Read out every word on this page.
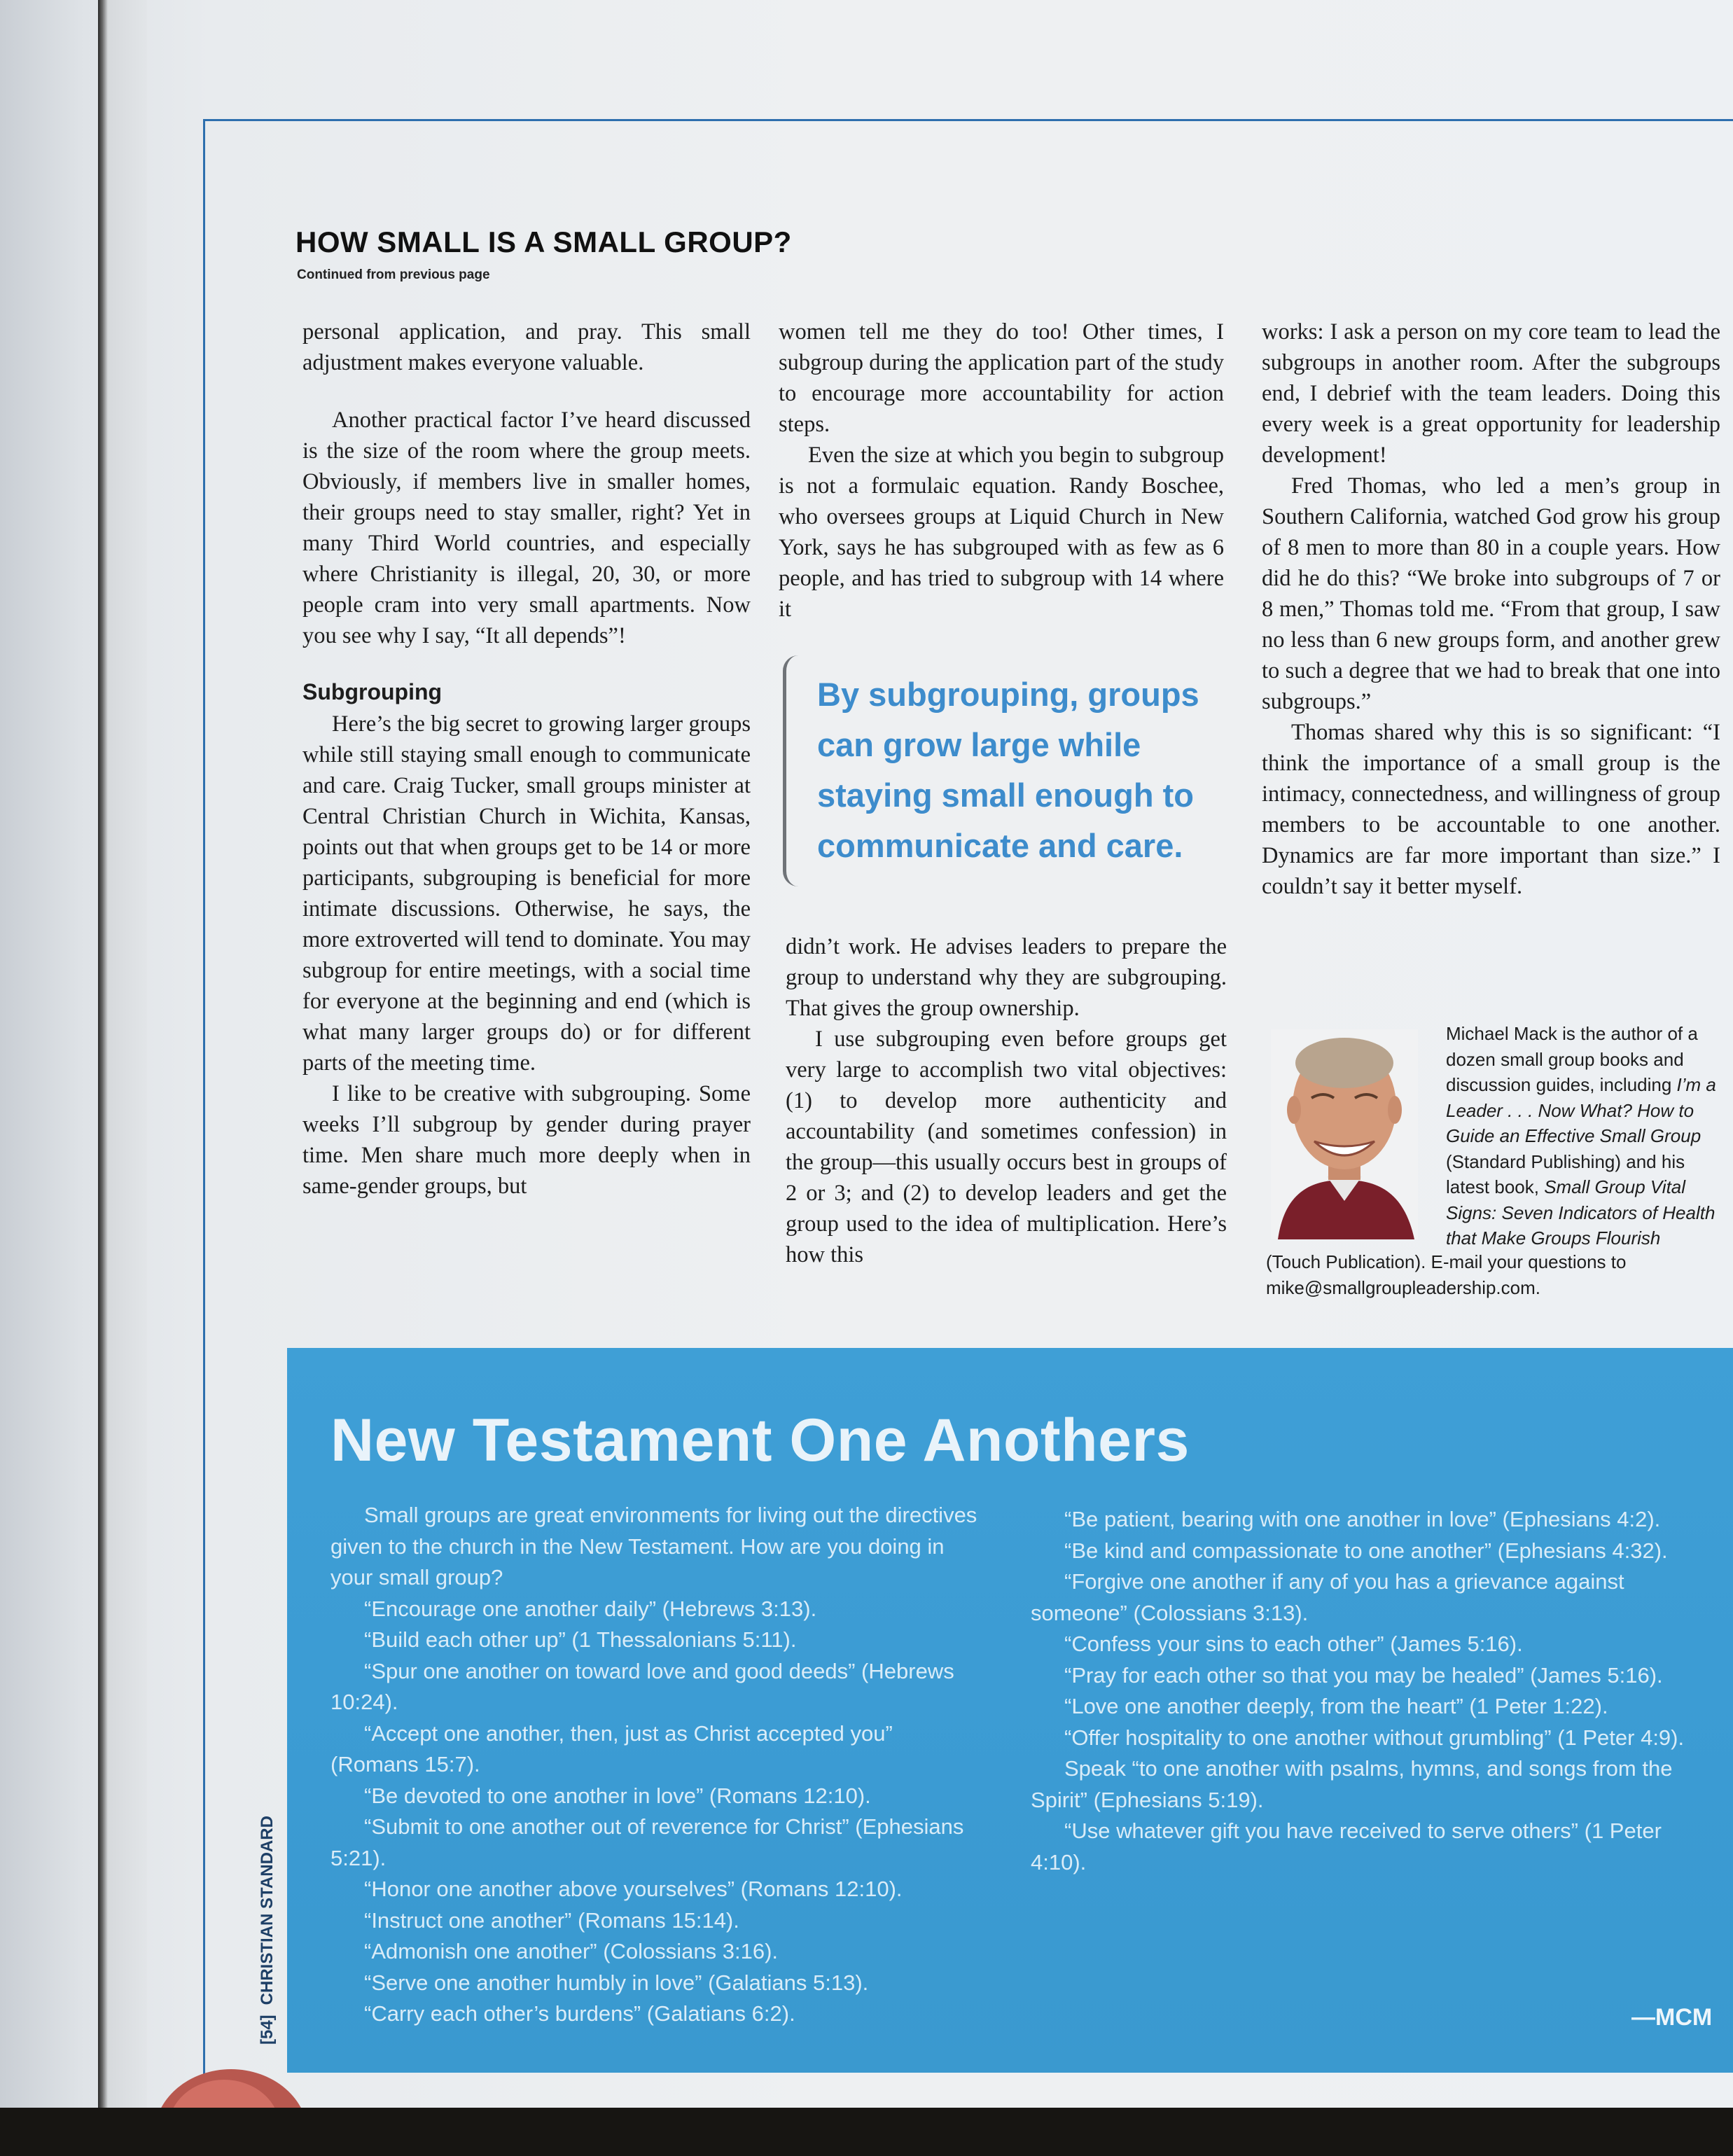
HOW SMALL IS A SMALL GROUP?
Continued from previous page

personal application, and pray. This small adjustment makes everyone valuable.

Another practical factor I’ve heard discussed is the size of the room where the group meets. Obviously, if members live in smaller homes, their groups need to stay smaller, right? Yet in many Third World countries, and especially where Christianity is illegal, 20, 30, or more people cram into very small apartments. Now you see why I say, “It all depends”!

Subgrouping

Here’s the big secret to growing larger groups while still staying small enough to communicate and care. Craig Tucker, small groups minister at Central Christian Church in Wichita, Kansas, points out that when groups get to be 14 or more participants, subgrouping is beneficial for more intimate discussions. Otherwise, he says, the more extroverted will tend to dominate. You may subgroup for entire meetings, with a social time for everyone at the beginning and end (which is what many larger groups do) or for different parts of the meeting time.

I like to be creative with subgrouping. Some weeks I’ll subgroup by gender during prayer time. Men share much more deeply when in same-gender groups, but

women tell me they do too! Other times, I subgroup during the application part of the study to encourage more accountability for action steps.

Even the size at which you begin to subgroup is not a formulaic equation. Randy Boschee, who oversees groups at Liquid Church in New York, says he has subgrouped with as few as 6 people, and has tried to subgroup with 14 where it

By subgrouping, groups can grow large while staying small enough to communicate and care.

didn’t work. He advises leaders to prepare the group to understand why they are subgrouping. That gives the group ownership.

I use subgrouping even before groups get very large to accomplish two vital objectives: (1) to develop more authenticity and accountability (and sometimes confession) in the group—this usually occurs best in groups of 2 or 3; and (2) to develop leaders and get the group used to the idea of multiplication. Here’s how this

works: I ask a person on my core team to lead the subgroups in another room. After the subgroups end, I debrief with the team leaders. Doing this every week is a great opportunity for leadership development!

Fred Thomas, who led a men’s group in Southern California, watched God grow his group of 8 men to more than 80 in a couple years. How did he do this? “We broke into subgroups of 7 or 8 men,” Thomas told me. “From that group, I saw no less than 6 new groups form, and another grew to such a degree that we had to break that one into subgroups.”

Thomas shared why this is so significant: “I think the importance of a small group is the intimacy, connectedness, and willingness of group members to be accountable to one another. Dynamics are far more important than size.” I couldn’t say it better myself.

Michael Mack is the author of a dozen small group books and discussion guides, including I’m a Leader . . . Now What? How to Guide an Effective Small Group (Standard Publishing) and his latest book, Small Group Vital Signs: Seven Indicators of Health that Make Groups Flourish
(Touch Publication). E-mail your questions to mike@smallgroupleadership.com.
New Testament One Anothers

Small groups are great environments for living out the directives given to the church in the New Testament. How are you doing in your small group?

“Encourage one another daily” (Hebrews 3:13).

“Build each other up” (1 Thessalonians 5:11).

“Spur one another on toward love and good deeds” (Hebrews 10:24).

“Accept one another, then, just as Christ accepted you” (Romans 15:7).

“Be devoted to one another in love” (Romans 12:10).

“Submit to one another out of reverence for Christ” (Ephesians 5:21).

“Honor one another above yourselves” (Romans 12:10).

“Instruct one another” (Romans 15:14).

“Admonish one another” (Colossians 3:16).

“Serve one another humbly in love” (Galatians 5:13).

“Carry each other’s burdens” (Galatians 6:2).

“Be patient, bearing with one another in love” (Ephesians 4:2).

“Be kind and compassionate to one another” (Ephesians 4:32).

“Forgive one another if any of you has a grievance against someone” (Colossians 3:13).

“Confess your sins to each other” (James 5:16).

“Pray for each other so that you may be healed” (James 5:16).

“Love one another deeply, from the heart” (1 Peter 1:22).

“Offer hospitality to one another without grumbling” (1 Peter 4:9).

Speak “to one another with psalms, hymns, and songs from the Spirit” (Ephesians 5:19).

“Use whatever gift you have received to serve others” (1 Peter 4:10).

—MCM
[54]CHRISTIAN STANDARD
